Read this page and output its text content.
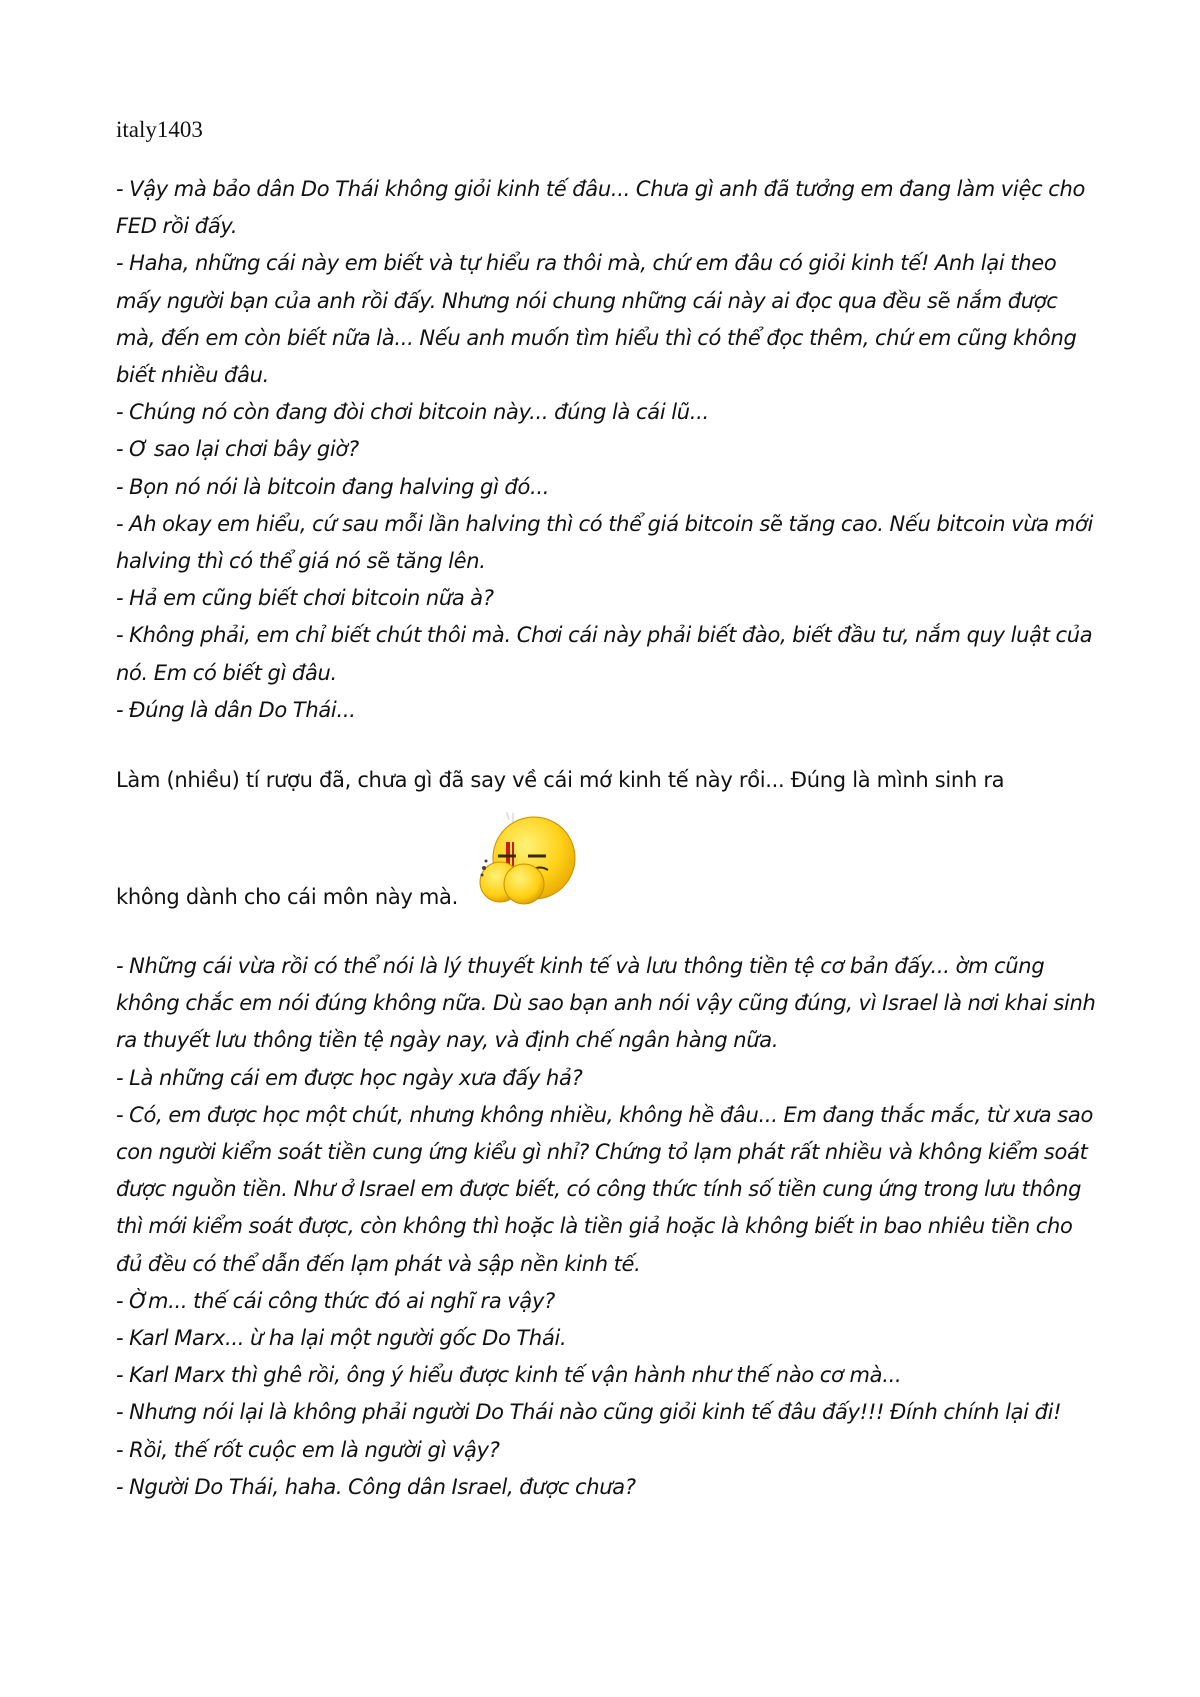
italy1403

- Vậy mà bảo dân Do Thái không giỏi kinh tế đâu... Chưa gì anh đã tưởng em đang làm việc cho FED rồi đấy.

- Haha, những cái này em biết và tự hiểu ra thôi mà, chứ em đâu có giỏi kinh tế! Anh lại theo mấy người bạn của anh rồi đấy. Nhưng nói chung những cái này ai đọc qua đều sẽ nắm được mà, đến em còn biết nữa là... Nếu anh muốn tìm hiểu thì có thể đọc thêm, chứ em cũng không biết nhiều đâu.

- Chúng nó còn đang đòi chơi bitcoin này... đúng là cái lũ...

- Ơ sao lại chơi bây giờ?

- Bọn nó nói là bitcoin đang halving gì đó...

- Ah okay em hiểu, cứ sau mỗi lần halving thì có thể giá bitcoin sẽ tăng cao. Nếu bitcoin vừa mới halving thì có thể giá nó sẽ tăng lên.

- Hả em cũng biết chơi bitcoin nữa à?

- Không phải, em chỉ biết chút thôi mà. Chơi cái này phải biết đào, biết đầu tư, nắm quy luật của nó. Em có biết gì đâu.

- Đúng là dân Do Thái...

Làm (nhiều) tí rượu đã, chưa gì đã say về cái mớ kinh tế này rồi... Đúng là mình sinh ra
không dành cho cái môn này mà.

- Những cái vừa rồi có thể nói là lý thuyết kinh tế và lưu thông tiền tệ cơ bản đấy... ờm cũng không chắc em nói đúng không nữa. Dù sao bạn anh nói vậy cũng đúng, vì Israel là nơi khai sinh ra thuyết lưu thông tiền tệ ngày nay, và định chế ngân hàng nữa.

- Là những cái em được học ngày xưa đấy hả?

- Có, em được học một chút, nhưng không nhiều, không hề đâu... Em đang thắc mắc, từ xưa sao con người kiểm soát tiền cung ứng kiểu gì nhỉ? Chứng tỏ lạm phát rất nhiều và không kiểm soát được nguồn tiền. Như ở Israel em được biết, có công thức tính số tiền cung ứng trong lưu thông thì mới kiểm soát được, còn không thì hoặc là tiền giả hoặc là không biết in bao nhiêu tiền cho đủ đều có thể dẫn đến lạm phát và sập nền kinh tế.

- Ờm... thế cái công thức đó ai nghĩ ra vậy?

- Karl Marx... ừ ha lại một người gốc Do Thái.

- Karl Marx thì ghê rồi, ông ý hiểu được kinh tế vận hành như thế nào cơ mà...

- Nhưng nói lại là không phải người Do Thái nào cũng giỏi kinh tế đâu đấy!!! Đính chính lại đi!

- Rồi, thế rốt cuộc em là người gì vậy?

- Người Do Thái, haha. Công dân Israel, được chưa?
